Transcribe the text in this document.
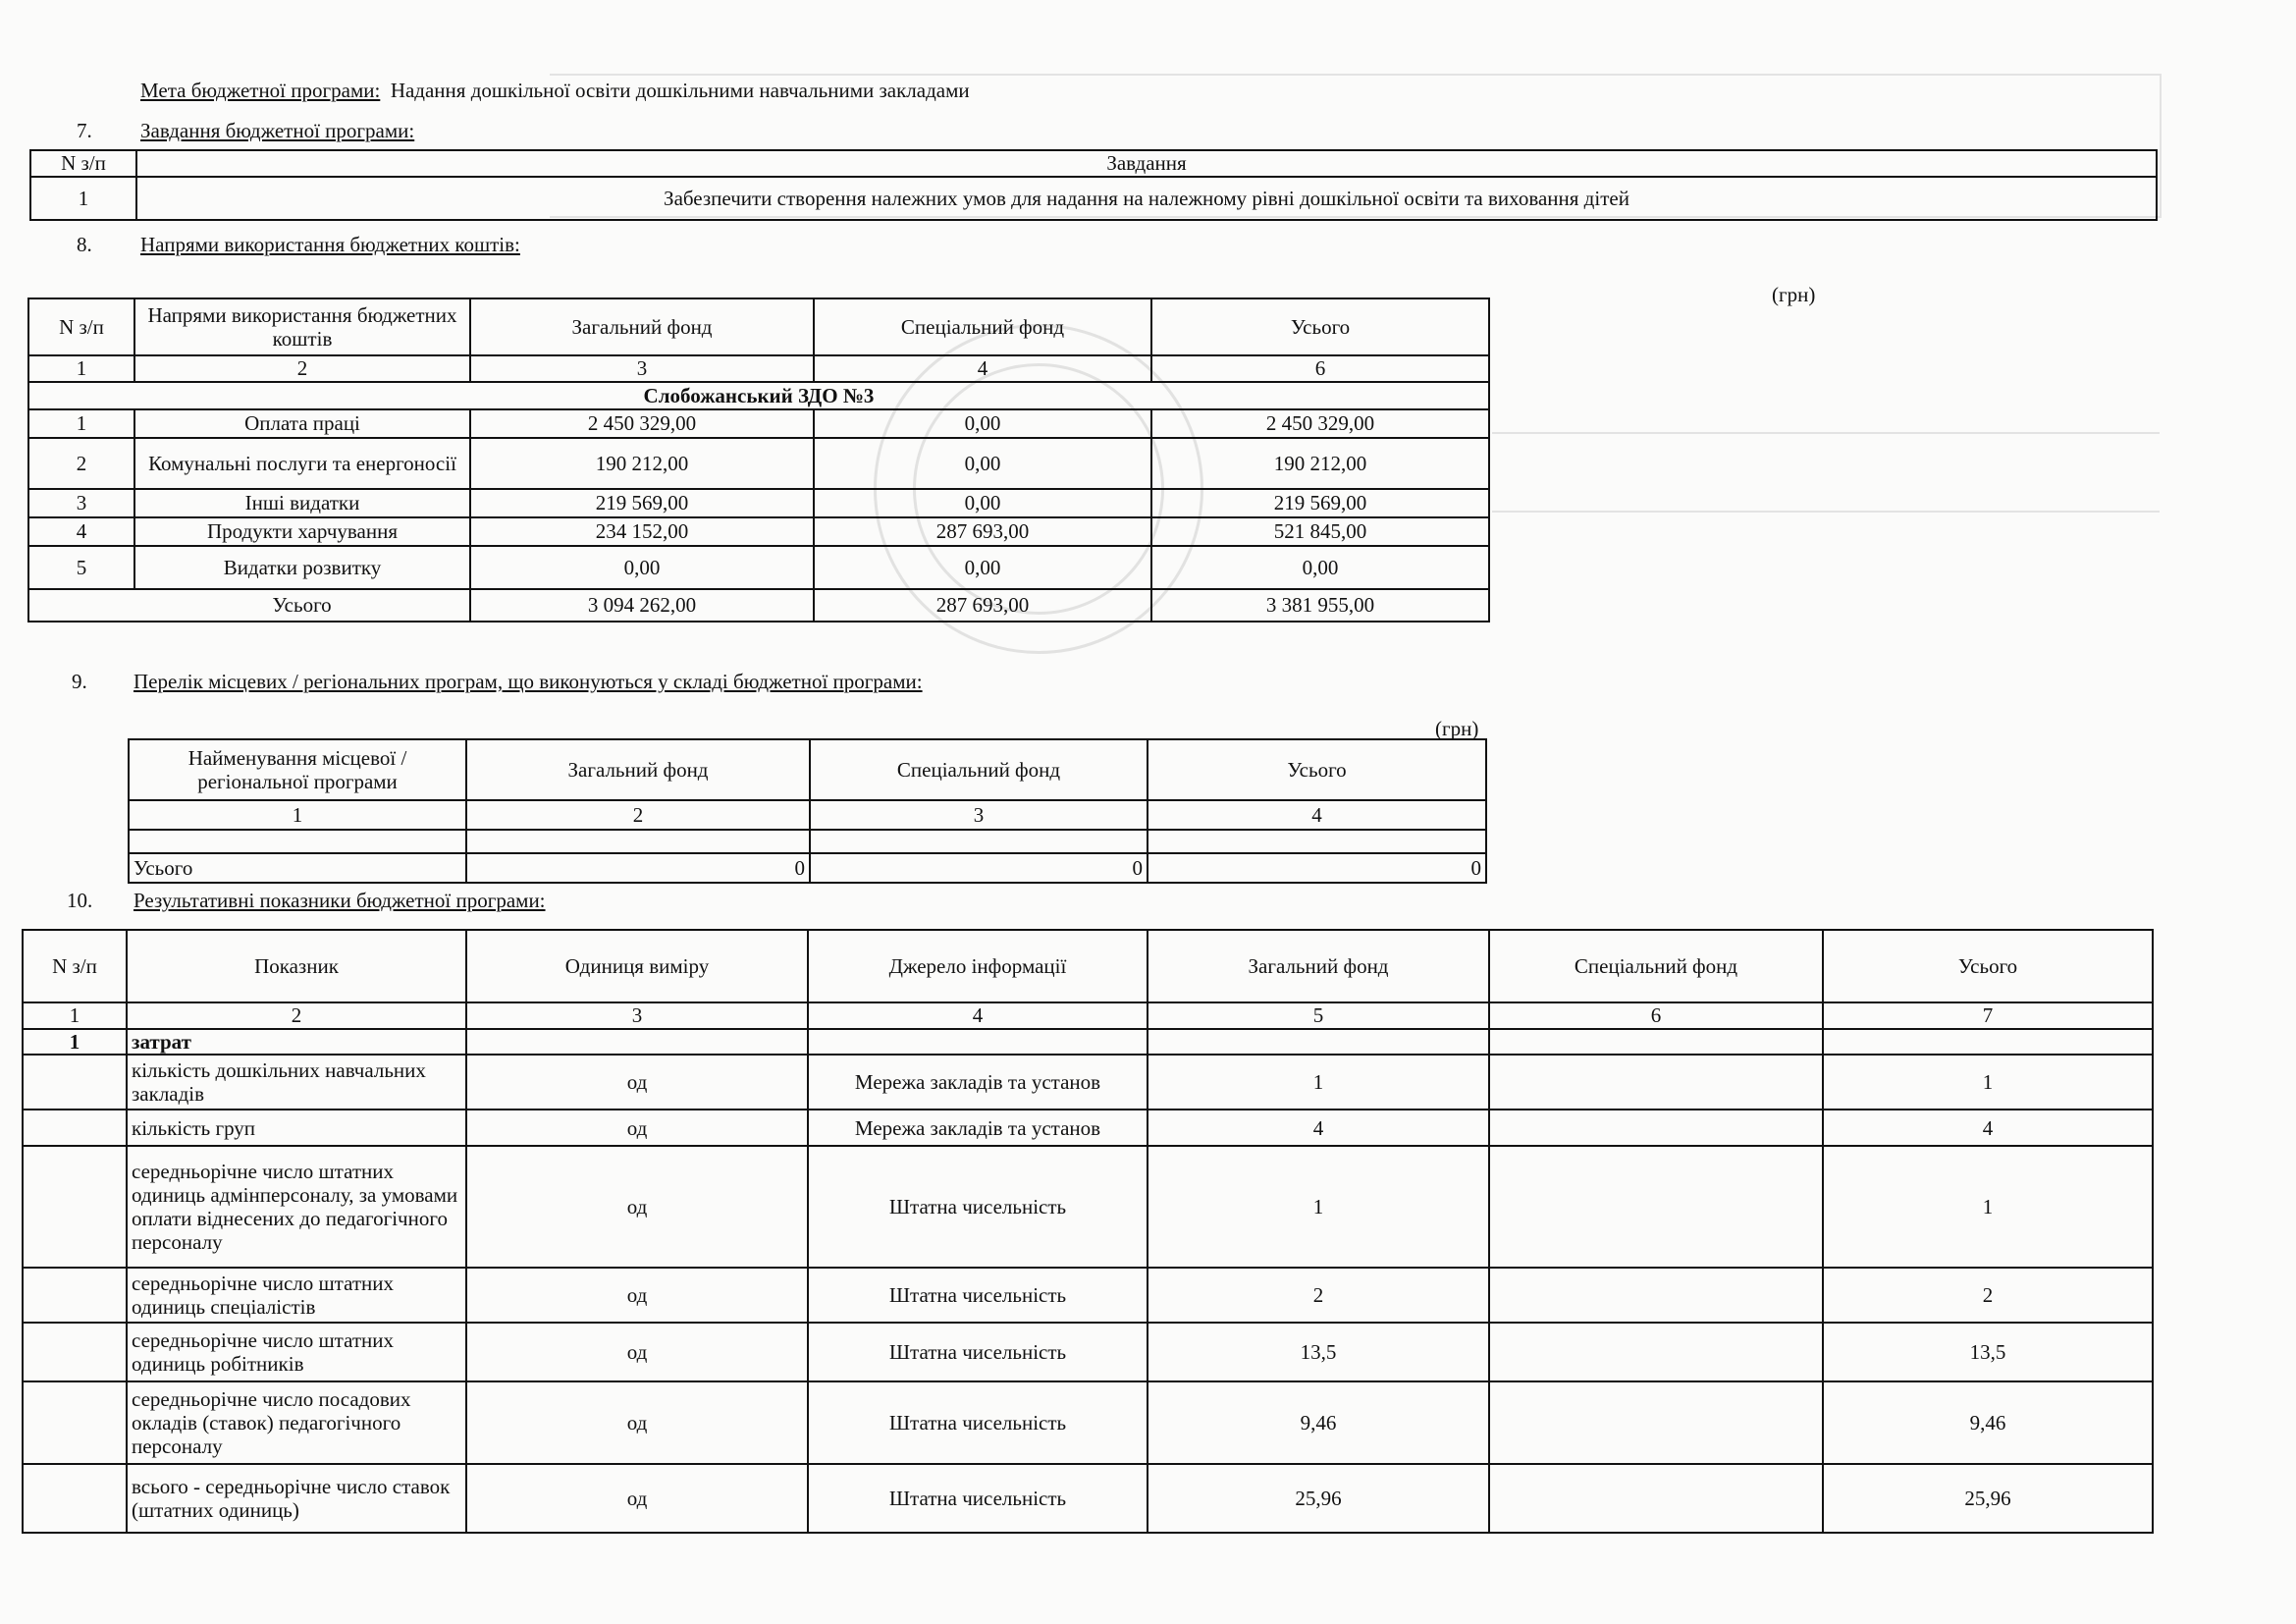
Мета бюджетної програми: Надання дошкільної освіти дошкільними навчальними закладами
7. Завдання бюджетної програми:
N з/п	Завдання
1	Забезпечити створення належних умов для надання на належному рівні дошкільної освіти та виховання дітей
8. Напрями використання бюджетних коштів:
(грн)
N з/п	Напрями використання бюджетних коштів	Загальний фонд	Спеціальний фонд	Усього
1	2	3	4	6
Слобожанський ЗДО №3				
1	Оплата праці	2 450 329,00	0,00	2 450 329,00
2	Комунальні послуги та енергоносії	190 212,00	0,00	190 212,00
3	Інші видатки	219 569,00	0,00	219 569,00
4	Продукти харчування	234 152,00	287 693,00	521 845,00
5	Видатки розвитку	0,00	0,00	0,00
	Усього	3 094 262,00	287 693,00	3 381 955,00
9. Перелік місцевих / регіональних програм, що виконуються у складі бюджетної програми:
(грн)
Найменування місцевої / регіональної програми	Загальний фонд	Спеціальний фонд	Усього
1	2	3	4

Усього	0	0	0
10. Результативні показники бюджетної програми:
N з/п	Показник	Одиниця виміру	Джерело інформації	Загальний фонд	Спеціальний фонд	Усього
1	2	3	4	5	6	7
1	затрат					
	кількість дошкільних навчальних закладів	од	Мережа закладів та установ	1		1
	кількість груп	од	Мережа закладів та установ	4		4
	середньорічне число штатних одиниць адмінперсоналу, за умовами оплати віднесених до педагогічного персоналу	од	Штатна чисельність	1		1
	середньорічне число штатних одиниць спеціалістів	од	Штатна чисельність	2		2
	середньорічне число штатних одиниць робітників	од	Штатна чисельність	13,5		13,5
	середньорічне число посадових окладів (ставок) педагогічного персоналу	од	Штатна чисельність	9,46		9,46
	всього - середньорічне число ставок (штатних одиниць)	од	Штатна чисельність	25,96		25,96
